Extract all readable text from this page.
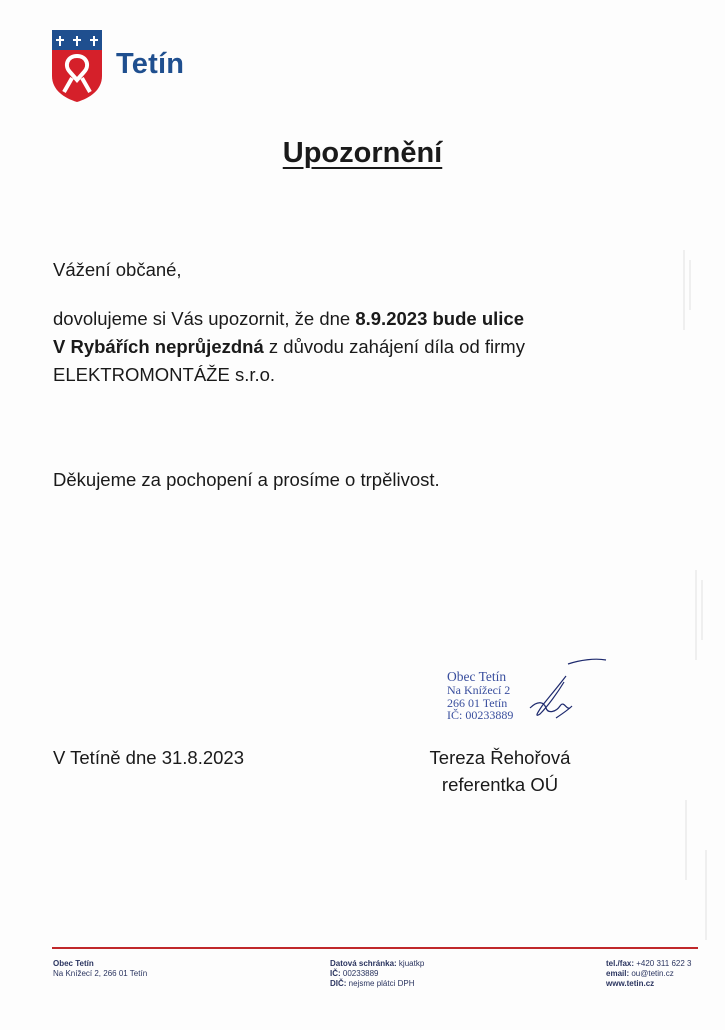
Tetín
Upozornění
Vážení občané,
dovolujeme si Vás upozornit, že dne 8.9.2023 bude ulice
V Rybářích neprůjezdná z důvodu zahájení díla od firmy
ELEKTROMONTÁŽE s.r.o.
Děkujeme za pochopení a prosíme o trpělivost.
V Tetíně dne 31.8.2023
Obec Tetín
Na Knížecí 2
266 01 Tetín
IČ: 00233889
Tereza Řehořová
referentka OÚ
Obec Tetín
Na Knížecí 2, 266 01 Tetín
Datová schránka: kjuatkp
IČ: 00233889
DIČ: nejsme plátci DPH
tel./fax: +420 311 622 3
email: ou@tetin.cz
www.tetin.cz
